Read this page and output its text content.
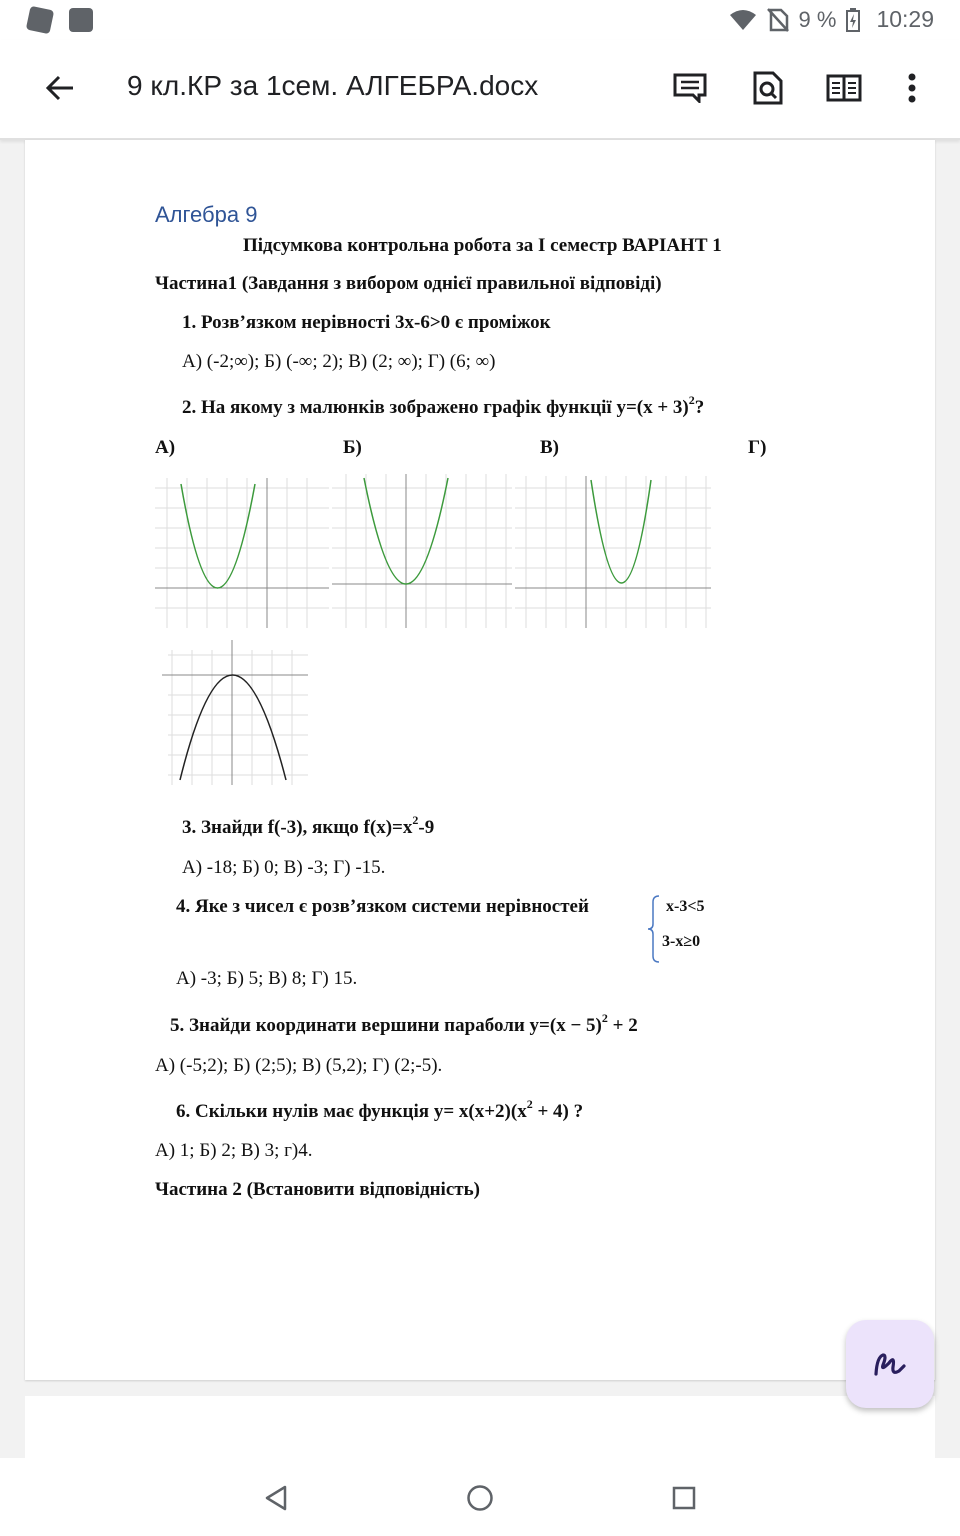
9 % 10:29
9 кл.КР за 1сем. АЛГЕБРА.docx
Алгебра 9
Підсумкова контрольна робота за І семестр ВАРІАНТ 1
Частина1 (Завдання з вибором однієї правильної відповіді)
1. Розв’язком нерівності 3х-6>0 є проміжок
А) (-2;∞); Б) (-∞; 2); В) (2; ∞); Г) (6; ∞)
2. На якому з малюнків зображено графік функції $y=(x + 3)^2$?
А)	Б)	В)	Г)
3. Знайди f(-3), якщо $f(x)=x^2-9$
А) -18; Б) 0; В) -3; Г) -15.
4. Яке з чисел є розв’язком системи нерівностей	x-3<5
3-x≥0
А) -3; Б) 5; В) 8; Г) 15.
5. Знайди координати вершини параболи $y=(x - 5)^2 + 2$
А) (-5;2); Б) (2;5); В) (5,2); Г) (2;-5).
6. Скільки нулів має функція $y= x(x+2)(x^2 + 4)$ ?
А) 1; Б) 2; В) 3; г)4.
Частина 2 (Встановити відповідність)
